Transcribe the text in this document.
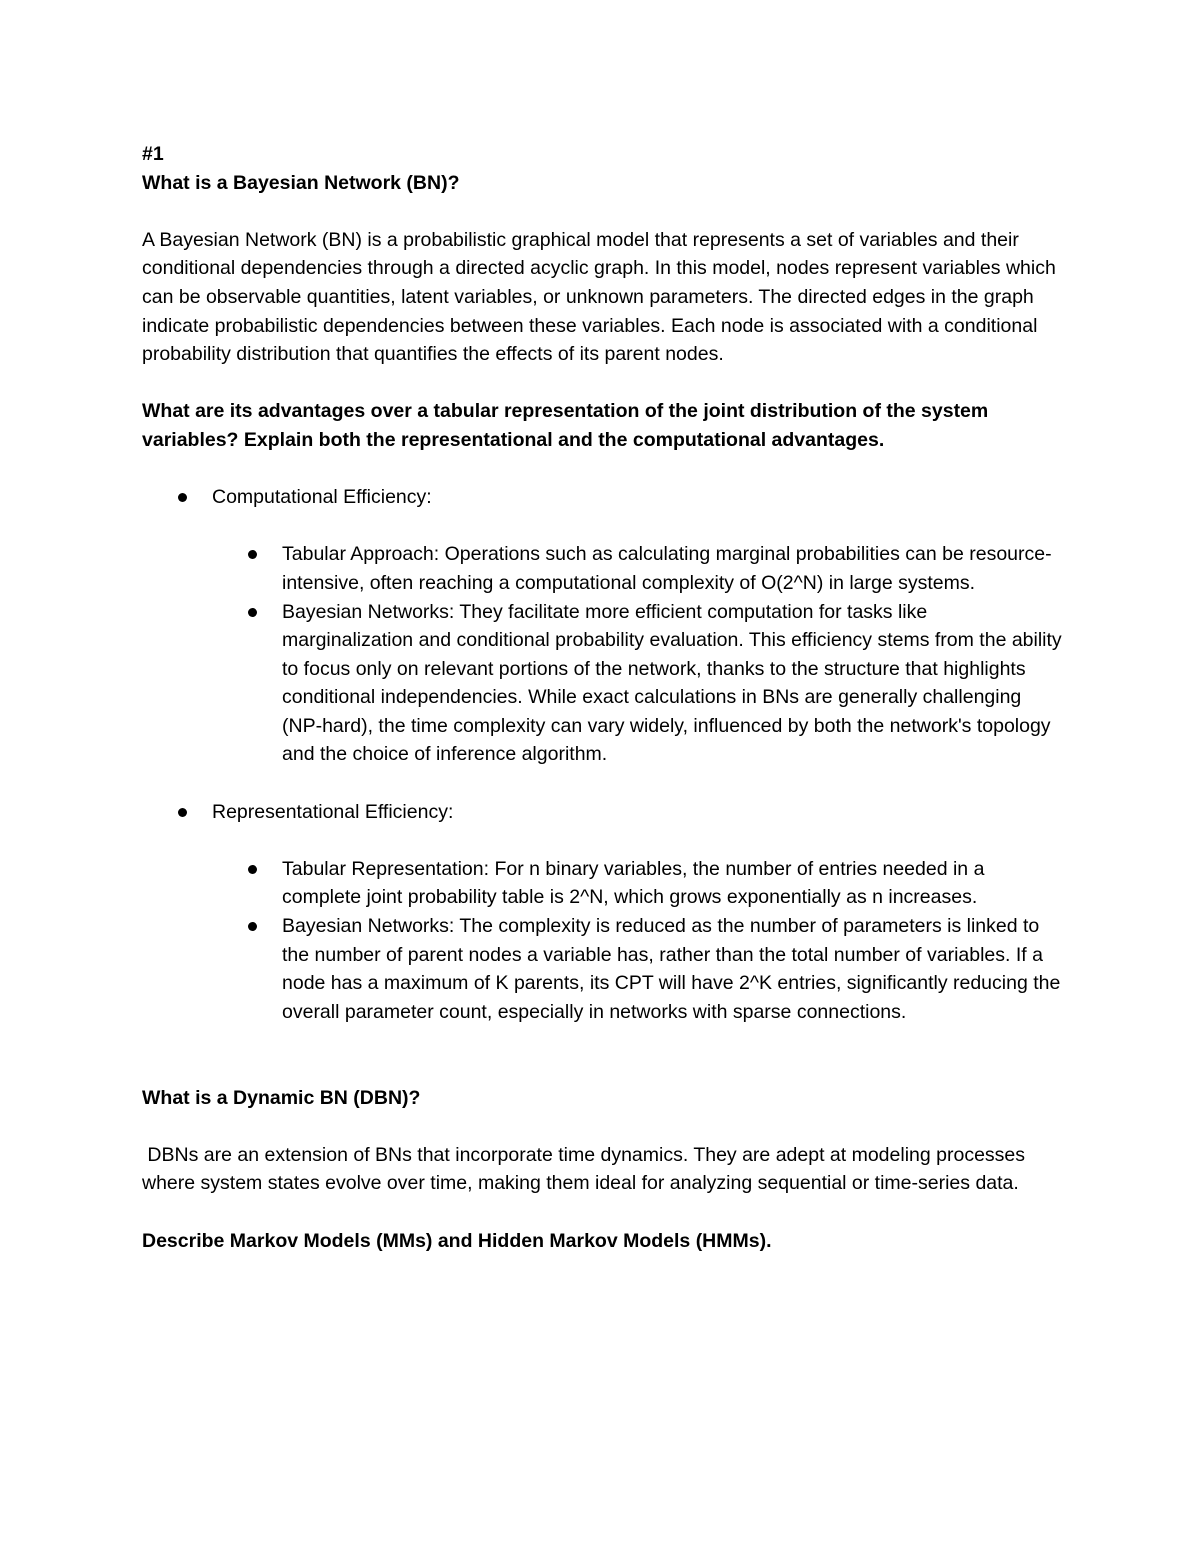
#1

What is a Bayesian Network (BN)?

A Bayesian Network (BN) is a probabilistic graphical model that represents a set of variables and their conditional dependencies through a directed acyclic graph. In this model, nodes represent variables which can be observable quantities, latent variables, or unknown parameters. The directed edges in the graph indicate probabilistic dependencies between these variables. Each node is associated with a conditional probability distribution that quantifies the effects of its parent nodes.

What are its advantages over a tabular representation of the joint distribution of the system variables? Explain both the representational and the computational advantages.

Computational Efficiency:
Tabular Approach: Operations such as calculating marginal probabilities can be resource-intensive, often reaching a computational complexity of O(2^N) in large systems.
Bayesian Networks: They facilitate more efficient computation for tasks like marginalization and conditional probability evaluation. This efficiency stems from the ability to focus only on relevant portions of the network, thanks to the structure that highlights conditional independencies. While exact calculations in BNs are generally challenging (NP-hard), the time complexity can vary widely, influenced by both the network's topology and the choice of inference algorithm.
Representational Efficiency:
Tabular Representation: For n binary variables, the number of entries needed in a complete joint probability table is 2^N, which grows exponentially as n increases.
Bayesian Networks: The complexity is reduced as the number of parameters is linked to the number of parent nodes a variable has, rather than the total number of variables. If a node has a maximum of K parents, its CPT will have 2^K entries, significantly reducing the overall parameter count, especially in networks with sparse connections.

What is a Dynamic BN (DBN)?

DBNs are an extension of BNs that incorporate time dynamics. They are adept at modeling processes where system states evolve over time, making them ideal for analyzing sequential or time-series data.

Describe Markov Models (MMs) and Hidden Markov Models (HMMs).
